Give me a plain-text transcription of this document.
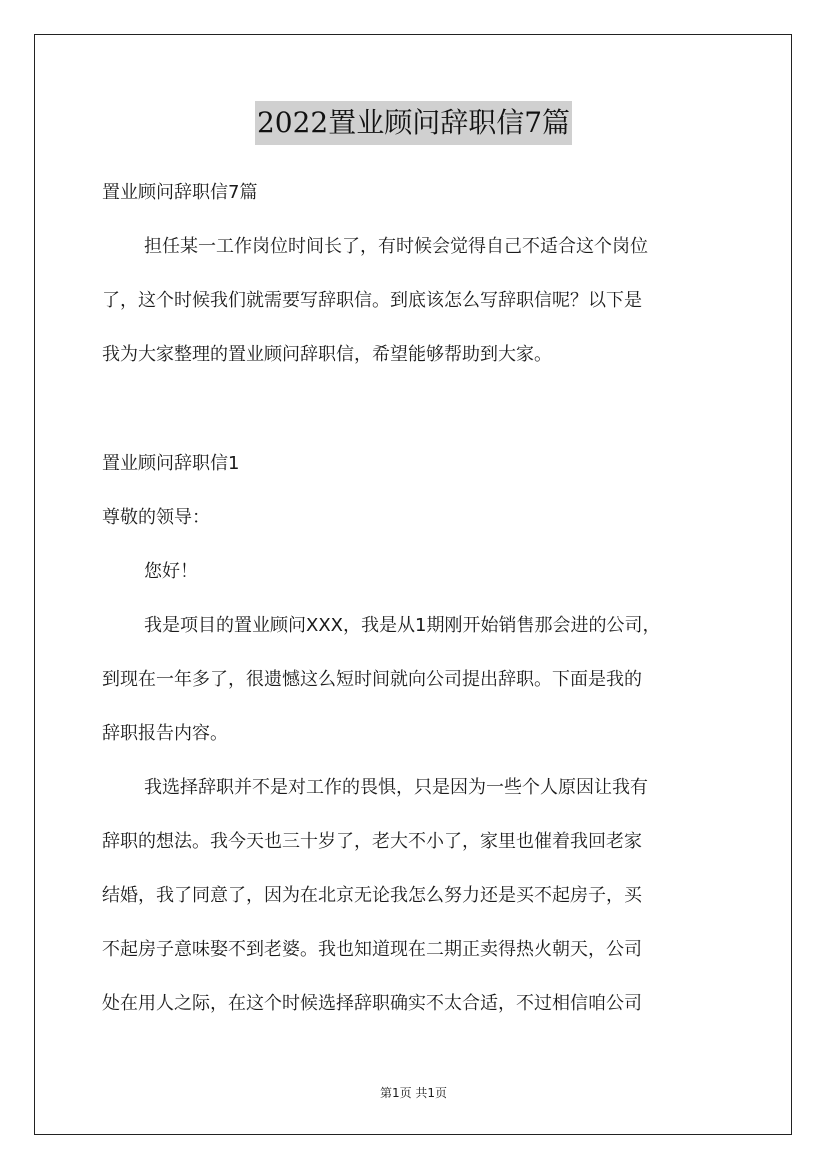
2022置业顾问辞职信7篇
置业顾问辞职信7篇
担任某一工作岗位时间长了，有时候会觉得自己不适合这个岗位
了，这个时候我们就需要写辞职信。到底该怎么写辞职信呢？以下是
我为大家整理的置业顾问辞职信，希望能够帮助到大家。
置业顾问辞职信1
尊敬的领导：
您好！
我是项目的置业顾问XXX，我是从1期刚开始销售那会进的公司，
到现在一年多了，很遗憾这么短时间就向公司提出辞职。下面是我的
辞职报告内容。
我选择辞职并不是对工作的畏惧，只是因为一些个人原因让我有
辞职的想法。我今天也三十岁了，老大不小了，家里也催着我回老家
结婚，我了同意了，因为在北京无论我怎么努力还是买不起房子，买
不起房子意味娶不到老婆。我也知道现在二期正卖得热火朝天，公司
处在用人之际，在这个时候选择辞职确实不太合适，不过相信咱公司
第1页 共1页
